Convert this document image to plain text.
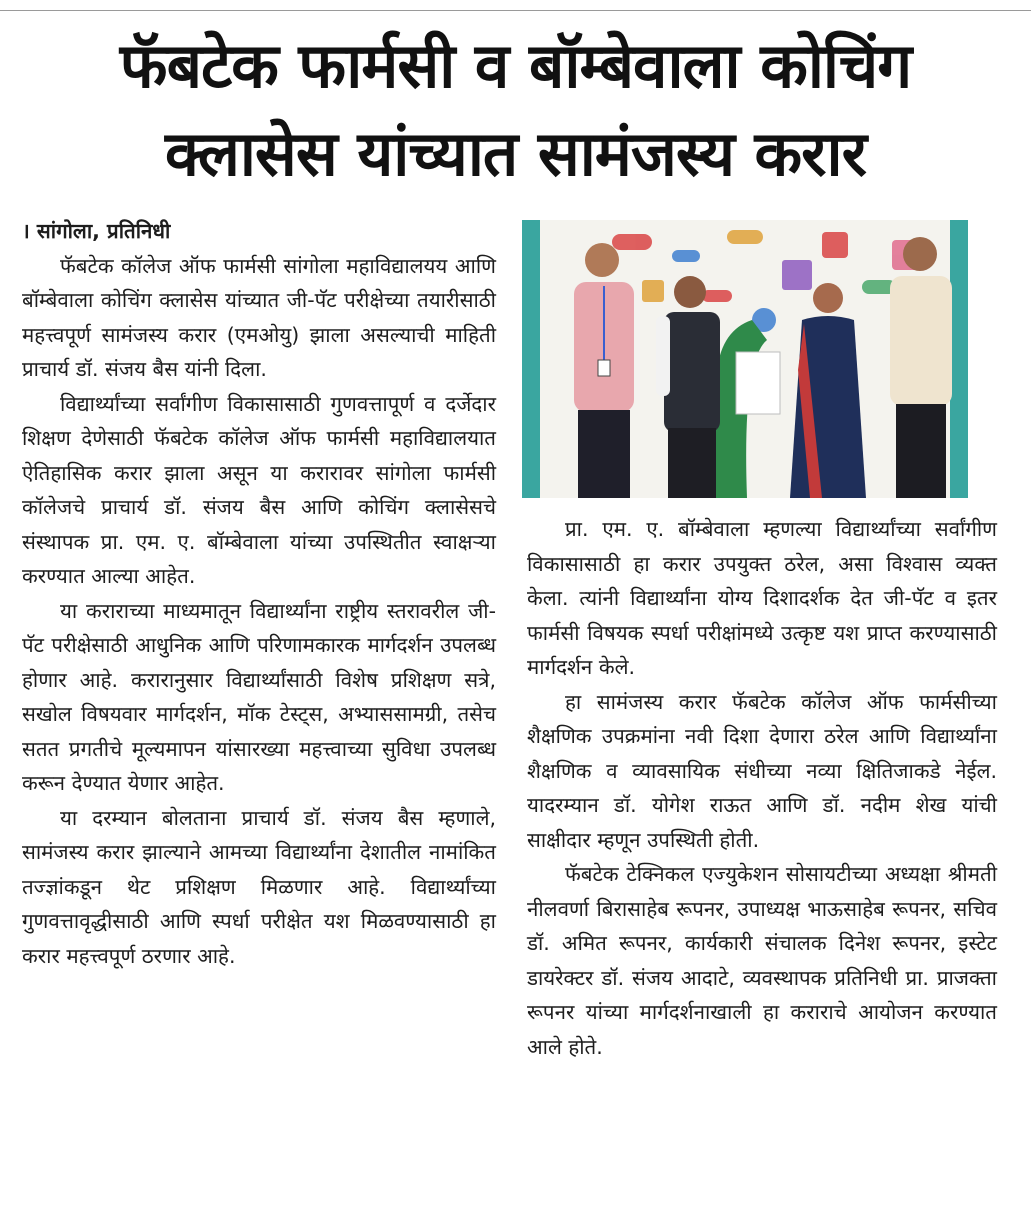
फॅबटेक फार्मसी व बॉम्बेवाला कोचिंग
क्लासेस यांच्यात सामंजस्य करार

। सांगोला, प्रतिनिधी

फॅबटेक कॉलेज ऑफ फार्मसी सांगोला महाविद्यालयय आणि बॉम्बेवाला कोचिंग क्लासेस यांच्यात जी-पॅट परीक्षेच्या तयारीसाठी महत्त्वपूर्ण सामंजस्य करार (एमओयु) झाला असल्याची माहिती प्राचार्य डॉ. संजय बैस यांनी दिला.

विद्यार्थ्यांच्या सर्वांगीण विकासासाठी गुणवत्तापूर्ण व दर्जेदार शिक्षण देणेसाठी फॅबटेक कॉलेज ऑफ फार्मसी महाविद्यालयात ऐतिहासिक करार झाला असून या करारावर सांगोला फार्मसी कॉलेजचे प्राचार्य डॉ. संजय बैस आणि कोचिंग क्लासेसचे संस्थापक प्रा. एम. ए. बॉम्बेवाला यांच्या उपस्थितीत स्वाक्षऱ्या करण्यात आल्या आहेत.

या कराराच्या माध्यमातून विद्यार्थ्यांना राष्ट्रीय स्तरावरील जी-पॅट परीक्षेसाठी आधुनिक आणि परिणामकारक मार्गदर्शन उपलब्ध होणार आहे. करारानुसार विद्यार्थ्यांसाठी विशेष प्रशिक्षण सत्रे, सखोल विषयवार मार्गदर्शन, मॉक टेस्ट्स, अभ्याससामग्री, तसेच सतत प्रगतीचे मूल्यमापन यांसारख्या महत्त्वाच्या सुविधा उपलब्ध करून देण्यात येणार आहेत.

या दरम्यान बोलताना प्राचार्य डॉ. संजय बैस म्हणाले, सामंजस्य करार झाल्याने आमच्या विद्यार्थ्यांना देशातील नामांकित तज्ज्ञांकडून थेट प्रशिक्षण मिळणार आहे. विद्यार्थ्यांच्या गुणवत्तावृद्धीसाठी आणि स्पर्धा परीक्षेत यश मिळवण्यासाठी हा करार महत्त्वपूर्ण ठरणार आहे.

प्रा. एम. ए. बॉम्बेवाला म्हणल्या विद्यार्थ्यांच्या सर्वांगीण विकासासाठी हा करार उपयुक्त ठरेल, असा विश्वास व्यक्त केला. त्यांनी विद्यार्थ्यांना योग्य दिशादर्शक देत जी-पॅट व इतर फार्मसी विषयक स्पर्धा परीक्षांमध्ये उत्कृष्ट यश प्राप्त करण्यासाठी मार्गदर्शन केले.

हा सामंजस्य करार फॅबटेक कॉलेज ऑफ फार्मसीच्या शैक्षणिक उपक्रमांना नवी दिशा देणारा ठरेल आणि विद्यार्थ्यांना शैक्षणिक व व्यावसायिक संधीच्या नव्या क्षितिजाकडे नेईल. यादरम्यान डॉ. योगेश राऊत आणि डॉ. नदीम शेख यांची साक्षीदार म्हणून उपस्थिती होती.

फॅबटेक टेक्निकल एज्युकेशन सोसायटीच्या अध्यक्षा श्रीमती नीलवर्णा बिरासाहेब रूपनर, उपाध्यक्ष भाऊसाहेब रूपनर, सचिव डॉ. अमित रूपनर, कार्यकारी संचालक दिनेश रूपनर, इस्टेट डायरेक्टर डॉ. संजय आदाटे, व्यवस्थापक प्रतिनिधी प्रा. प्राजक्ता रूपनर यांच्या मार्गदर्शनाखाली हा कराराचे आयोजन करण्यात आले होते.
